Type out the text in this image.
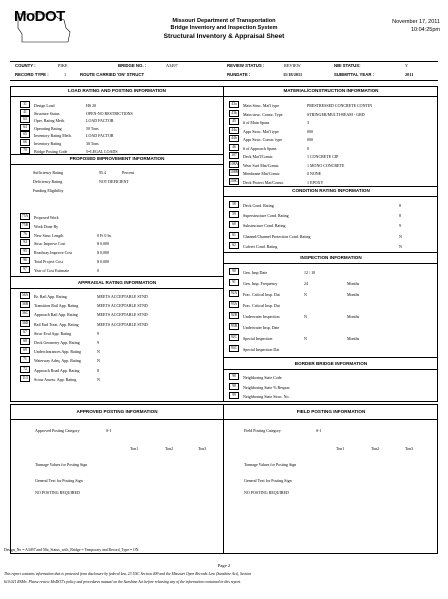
MoDOT	Missouri Department of Transportation
Bridge Inventory and Inspection System
Structural Inventory & Appraisal Sheet
November 17, 2011
10:04:25pm
COUNTY :	PIKE	BRIDGE NO. :	A3497	REVIEW STATUS :	REVIEW	NBI STATUS:	Y
RECORD TYPE :	1	ROUTE CARRIED 'ON' STRUCT	RUNDATE :	11/18/2011	SUBMITTAL YEAR :	2011
LOAD RATING AND POSTING INFORMATION
31 Design Load	HS 20
41 Structure Status	OPEN-NO RESTRICTIONS
63 Oper. Rating Meth.	LOAD FACTOR
64 Operating Rating	50 Tons
65 Inventory Rating Meth.	LOAD FACTOR
66 Inventory Rating	30 Tons
70 Bridge Posting Code	5=LEGAL LOADS
PROPOSED IMPROVEMENT INFORMATION
Sufficiency Rating	95.4	Percent
Deficiency Rating	NOT DEFICIENT
Funding Eligibility
75A Proposed Work
75B Work Done By
76 New Struc Length	0 Ft 0 In.
94 Struc Improve Cost	$ 0,000
95 Roadway Improve Cost	$ 0,000
96 Total Project Cost	$ 0,000
97 Year of Cost Estimate	0
APPRAISAL RATING INFORMATION
36A Br. Rail App. Rating	MEETS ACCEPTABLE STND
36B Transition Rail App. Rating	MEETS ACCEPTABLE STND
36C Approach Rail App. Rating	MEETS ACCEPTABLE STND
36D Rail End Treat. App. Rating	MEETS ACCEPTABLE STND
67 Struc Eval App. Rating	9
68 Deck Geometry App. Rating	9
69 Underclearances App. Rating	N
71 Waterway Adeq. App. Rating	N
72 Approach Road App. Rating	8
113 Scour Assess. App. Rating	N
MATERIAL/CONSTRUCTION INFORMATION
43a Main Struc. Mat'l type	PRESTRESSED CONCRETE CONTIN
43b Main struc. Constr. Type	STRINGER/MULTI-BEAM - GRD
45 # of Main Spans	3
44a Appr Struc. Mat'l type	000
44b Appr Struc. Constr. type	000
46 # of Approach Spans	0
107 Deck Mat'l/Constr.	1 CONCRETE CIP
108A Wear Surf Mat/Constr.	1 MONO CONCRETE
108B Membrane Mat/Constr.	0 NONE
108C Deck Protect Mat/Constr.	1 EPOXY
CONDITION RATING INFORMATION
58 Deck Cond. Rating	8
59 Superstructure Cond. Rating	8
60 Substructure Cond. Rating	9
61 Channel/Channel Protection Cond. Rating	N
62 Culvert Cond. Rating	N
INSPECTION INFORMATION
90 Gen. Insp Date	12 / 10
91 Gen. Insp. Frequency	24	Months
92A Frac. Critical Insp. Dat	N	Months
93A Frac. Critical Insp. Dat
92B Underwater Inspection	N	Months
93B Underwater Insp. Date
92C Special Inspection	N	Months
93C Special Inspection Dat
BORDER BRIDGE INFORMATION
98 Neighboring State Code
98 Neighboring State % Respon
99 Neighboring State Struc. No.
APPROVED POSTING INFORMATION	FIELD POSTING INFORMATION
Approved Posting Category	S-1
Ton1	Ton2	Ton3
Tonnage Values for Posting Sign
General Text for Posting Sign
NO POSTING REQUIRED
Field Posting Category	S-1
Ton1	Ton2	Ton3
Tonnage Values for Posting Sign
General Text for Posting Sign
NO POSTING REQUIRED
Design_No = A3497 and Nbi_Status_with_Bridge = Temporary and Record_Type = ON
Page 2
This report contains information that is protected from disclosure by federal law, 23 USC Section 409 and the Missouri Open Records Law (Sunshine Act), Section
610.021 RSMo. Please review MoDOT's policy and procedures manual on the Sunshine Act before releasing any of the information contained in this report.
